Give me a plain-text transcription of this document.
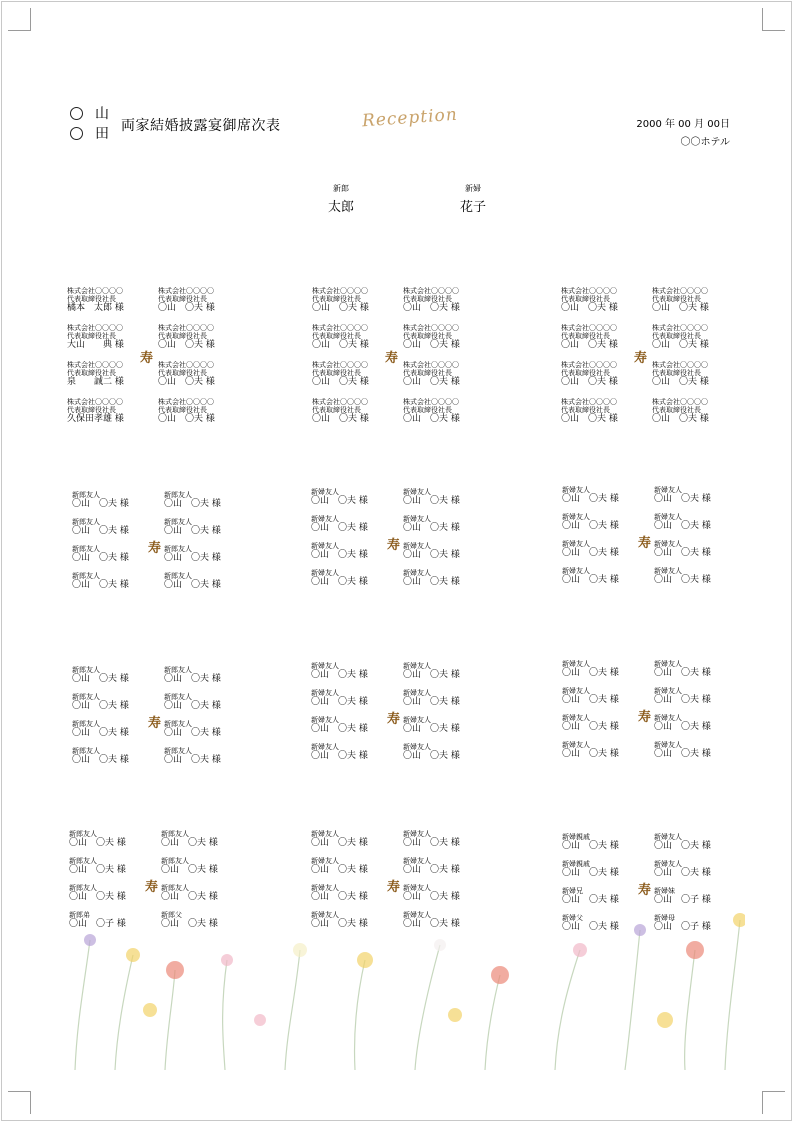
山
田 両家結婚披露宴御席次表	Reception	2000 年 00 月 00日
〇〇ホテル
新郎
太郎
新婦
花子
株式会社〇〇〇〇
代表取締役社長
橘本　太郎 様
株式会社〇〇〇〇
代表取締役社長
〇山　〇夫 様
株式会社〇〇〇〇
代表取締役社長
大山　　典 様
株式会社〇〇〇〇
代表取締役社長
〇山　〇夫 様
株式会社〇〇〇〇
代表取締役社長
泉　　誠二 様
株式会社〇〇〇〇
代表取締役社長
〇山　〇夫 様
株式会社〇〇〇〇
代表取締役社長
久保田孝雄 様
株式会社〇〇〇〇
代表取締役社長
〇山　〇夫 様
寿
株式会社〇〇〇〇
代表取締役社長
〇山　〇夫 様
株式会社〇〇〇〇
代表取締役社長
〇山　〇夫 様
株式会社〇〇〇〇
代表取締役社長
〇山　〇夫 様
株式会社〇〇〇〇
代表取締役社長
〇山　〇夫 様
株式会社〇〇〇〇
代表取締役社長
〇山　〇夫 様
株式会社〇〇〇〇
代表取締役社長
〇山　〇夫 様
株式会社〇〇〇〇
代表取締役社長
〇山　〇夫 様
株式会社〇〇〇〇
代表取締役社長
〇山　〇夫 様
寿
株式会社〇〇〇〇
代表取締役社長
〇山　〇夫 様
株式会社〇〇〇〇
代表取締役社長
〇山　〇夫 様
株式会社〇〇〇〇
代表取締役社長
〇山　〇夫 様
株式会社〇〇〇〇
代表取締役社長
〇山　〇夫 様
株式会社〇〇〇〇
代表取締役社長
〇山　〇夫 様
株式会社〇〇〇〇
代表取締役社長
〇山　〇夫 様
株式会社〇〇〇〇
代表取締役社長
〇山　〇夫 様
株式会社〇〇〇〇
代表取締役社長
〇山　〇夫 様
寿
新郎友人
〇山　〇夫 様
新郎友人
〇山　〇夫 様
新郎友人
〇山　〇夫 様
新郎友人
〇山　〇夫 様
新郎友人
〇山　〇夫 様
新郎友人
〇山　〇夫 様
新郎友人
〇山　〇夫 様
新郎友人
〇山　〇夫 様
寿
新婦友人
〇山　〇夫 様
新婦友人
〇山　〇夫 様
新婦友人
〇山　〇夫 様
新婦友人
〇山　〇夫 様
新婦友人
〇山　〇夫 様
新婦友人
〇山　〇夫 様
新婦友人
〇山　〇夫 様
新婦友人
〇山　〇夫 様
寿
新婦友人
〇山　〇夫 様
新婦友人
〇山　〇夫 様
新婦友人
〇山　〇夫 様
新婦友人
〇山　〇夫 様
新婦友人
〇山　〇夫 様
新婦友人
〇山　〇夫 様
新婦友人
〇山　〇夫 様
新婦友人
〇山　〇夫 様
寿
新郎友人
〇山　〇夫 様
新郎友人
〇山　〇夫 様
新郎友人
〇山　〇夫 様
新郎友人
〇山　〇夫 様
新郎友人
〇山　〇夫 様
新郎友人
〇山　〇夫 様
新郎友人
〇山　〇夫 様
新郎友人
〇山　〇夫 様
寿
新婦友人
〇山　〇夫 様
新婦友人
〇山　〇夫 様
新婦友人
〇山　〇夫 様
新婦友人
〇山　〇夫 様
新婦友人
〇山　〇夫 様
新婦友人
〇山　〇夫 様
新婦友人
〇山　〇夫 様
新婦友人
〇山　〇夫 様
寿
新婦友人
〇山　〇夫 様
新婦友人
〇山　〇夫 様
新婦友人
〇山　〇夫 様
新婦友人
〇山　〇夫 様
新婦友人
〇山　〇夫 様
新婦友人
〇山　〇夫 様
新婦友人
〇山　〇夫 様
新婦友人
〇山　〇夫 様
寿
新郎友人
〇山　〇夫 様
新郎友人
〇山　〇夫 様
新郎友人
〇山　〇夫 様
新郎友人
〇山　〇夫 様
新郎友人
〇山　〇夫 様
新郎友人
〇山　〇夫 様
新郎弟
〇山　〇子 様
新郎父
〇山　〇夫 様
寿
新婦友人
〇山　〇夫 様
新婦友人
〇山　〇夫 様
新婦友人
〇山　〇夫 様
新婦友人
〇山　〇夫 様
新婦友人
〇山　〇夫 様
新婦友人
〇山　〇夫 様
新婦友人
〇山　〇夫 様
新婦友人
〇山　〇夫 様
寿
新婦親戚
〇山　〇夫 様
新婦友人
〇山　〇夫 様
新婦親戚
〇山　〇夫 様
新婦友人
〇山　〇夫 様
新婦兄
〇山　〇夫 様
新婦妹
〇山　〇子 様
新婦父
〇山　〇夫 様
新婦母
〇山　〇子 様
寿
